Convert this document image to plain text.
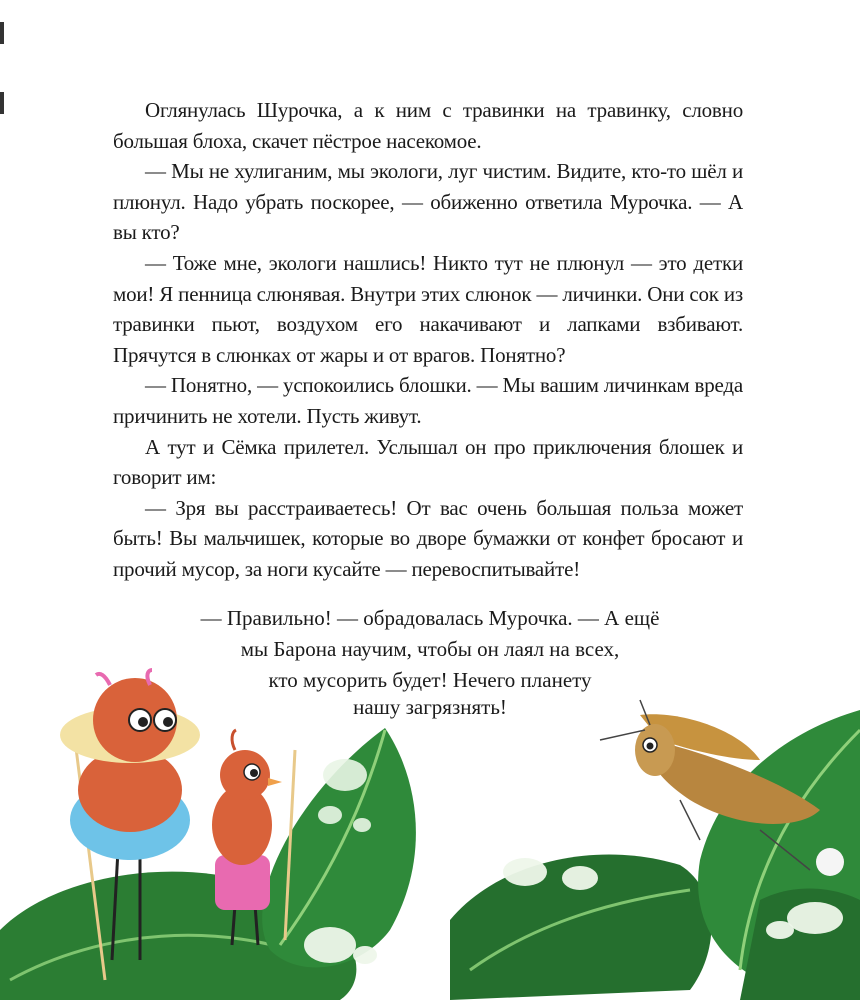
Оглянулась Шурочка, а к ним с травинки на травинку, словно большая блоха, скачет пёстрое насекомое.

— Мы не хулиганим, мы экологи, луг чистим. Видите, кто-то шёл и плюнул. Надо убрать поскорее, — обиженно ответила Мурочка. — А вы кто?

— Тоже мне, экологи нашлись! Никто тут не плюнул — это детки мои! Я пенница слюнявая. Внутри этих слюнок — личинки. Они сок из травинки пьют, воздухом его накачивают и лапками взбивают. Прячутся в слюнках от жары и от врагов. Понятно?

— Понятно, — успокоились блошки. — Мы вашим личинкам вреда причинить не хотели. Пусть живут.

А тут и Сёмка прилетел. Услышал он про приключения блошек и говорит им:

— Зря вы расстраиваетесь! От вас очень большая польза может быть! Вы мальчишек, которые во дворе бумажки от конфет бросают и прочий мусор, за ноги кусайте — перевоспитывайте!

— Правильно! — обрадовалась Мурочка. — А ещё
мы Барона научим, чтобы он лаял на всех,
кто мусорить будет! Нечего планету
нашу загрязнять!
